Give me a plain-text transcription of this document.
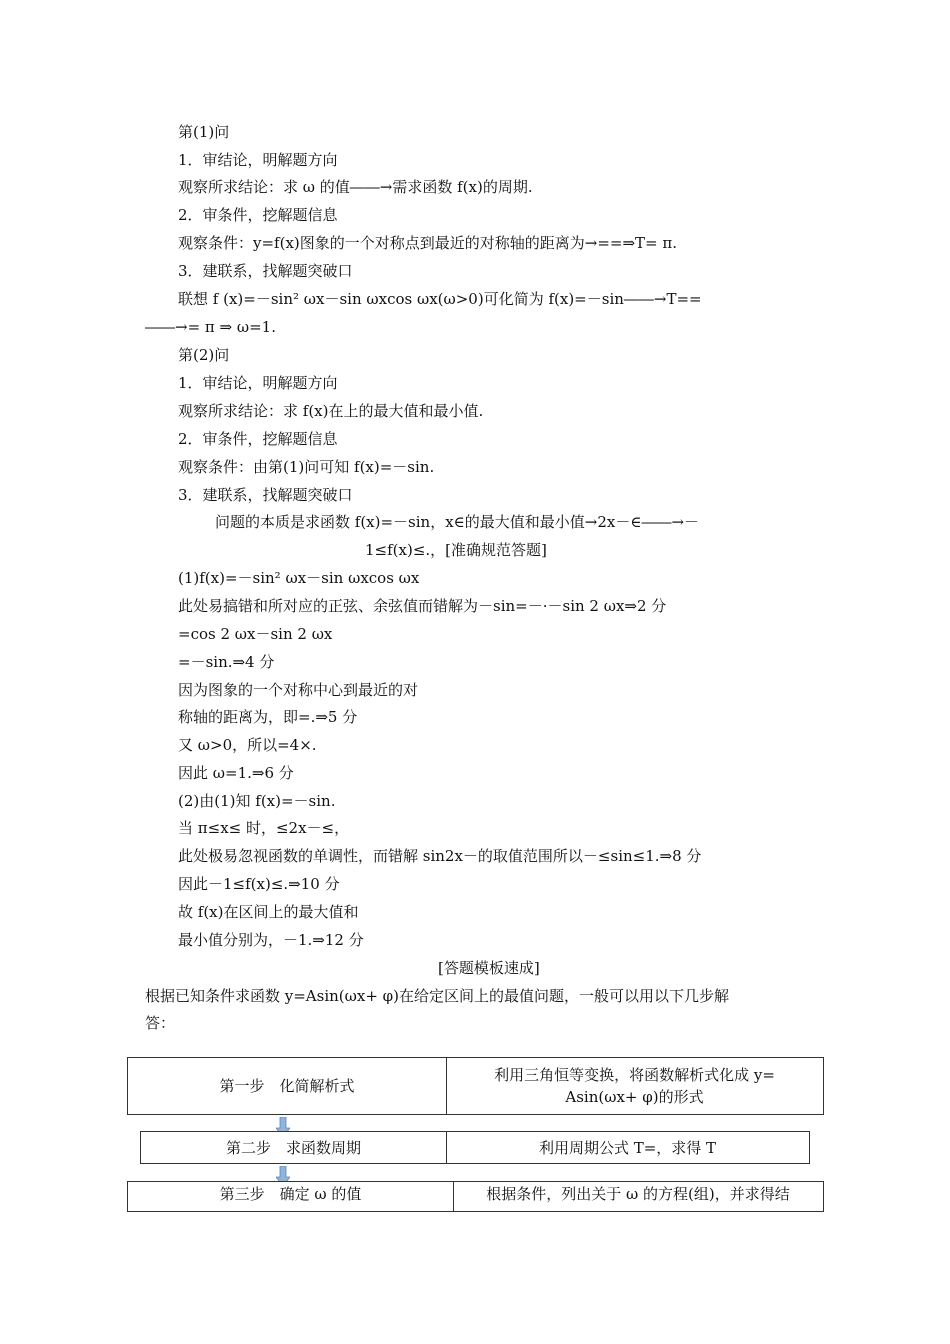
第(1)问
1．审结论，明解题方向
观察所求结论：求 ω 的值――→需求函数 f(x)的周期.
2．审条件，挖解题信息
观察条件：y=f(x)图象的一个对称点到最近的对称轴的距离为→==⇒T= π.
3．建联系，找解题突破口
联想 f (x)=－sin² ωx－sin ωxcos ωx(ω>0)可化简为 f(x)=－sin――→T==
――→= π ⇒ ω=1.
第(2)问
1．审结论，明解题方向
观察所求结论：求 f(x)在上的最大值和最小值.
2．审条件，挖解题信息
观察条件：由第(1)问可知 f(x)=－sin.
3．建联系，找解题突破口
问题的本质是求函数 f(x)=－sin，x∈的最大值和最小值→2x－∈――→－
1≤f(x)≤.，[准确规范答题]
(1)f(x)=－sin² ωx－sin ωxcos ωx
此处易搞错和所对应的正弦、余弦值而错解为－sin=－·－sin 2 ωx⇒2 分
=cos 2 ωx－sin 2 ωx
=－sin.⇒4 分
因为图象的一个对称中心到最近的对
称轴的距离为，即=.⇒5 分
又 ω>0，所以=4×.
因此 ω=1.⇒6 分
(2)由(1)知 f(x)=－sin.
当 π≤x≤ 时，≤2x－≤，
此处极易忽视函数的单调性，而错解 sin2x－的取值范围所以－≤sin≤1.⇒8 分
因此－1≤f(x)≤.⇒10 分
故 f(x)在区间上的最大值和
最小值分别为，－1.⇒12 分
[答题模板速成]
根据已知条件求函数 y=Asin(ωx+ φ)在给定区间上的最值问题，一般可以用以下几步解
答：
第一步　化简解析式
利用三角恒等变换，将函数解析式化成 y=
Asin(ωx+ φ)的形式
第二步　求函数周期	利用周期公式 T=，求得 T
第三步　确定 ω 的值	根据条件，列出关于 ω 的方程(组)，并求得结
